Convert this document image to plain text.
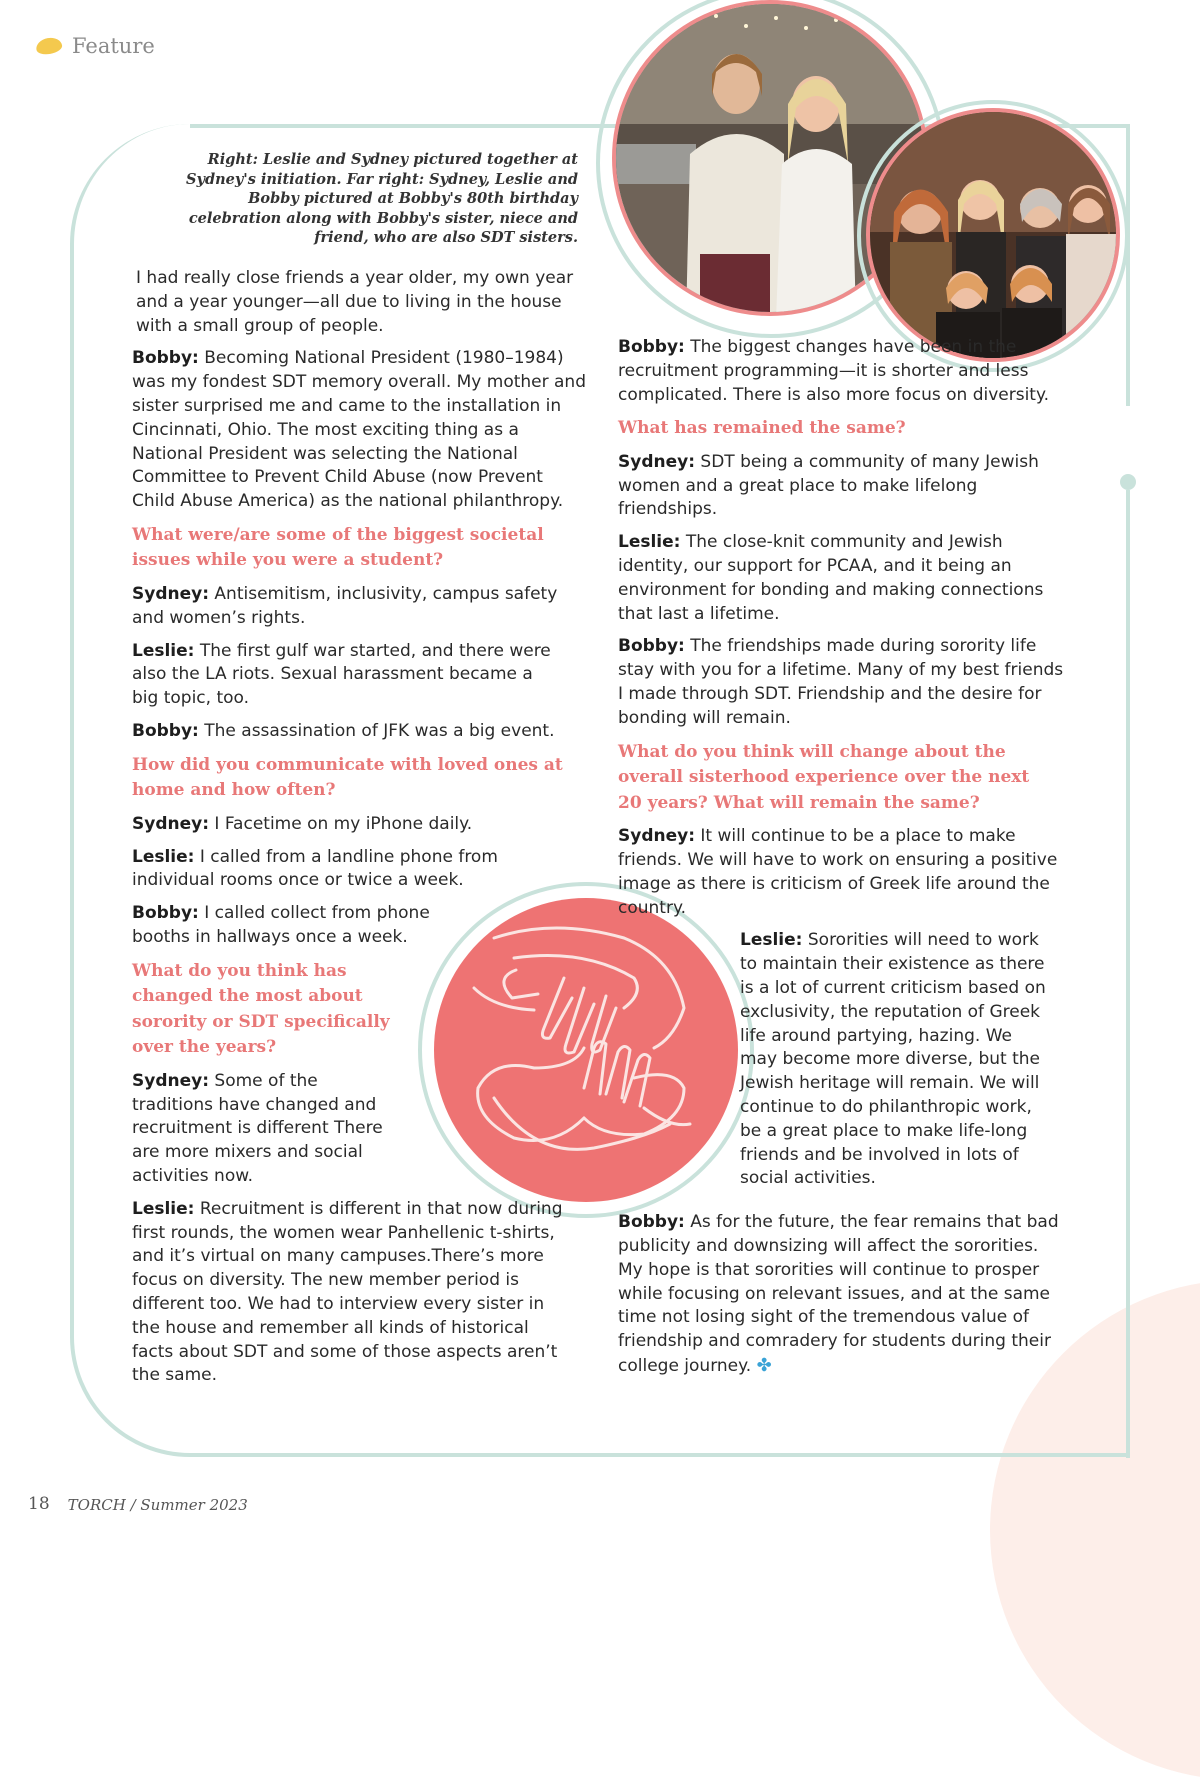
Feature
Right: Leslie and Sydney pictured together at Sydney's initiation. Far right: Sydney, Leslie and Bobby pictured at Bobby's 80th birthday celebration along with Bobby's sister, niece and friend, who are also SDT sisters.

I had really close friends a year older, my own year and a year younger—all due to living in the house with a small group of people.

Bobby: Becoming National President (1980–1984) was my fondest SDT memory overall. My mother and sister surprised me and came to the installation in Cincinnati, Ohio. The most exciting thing as a National President was selecting the National Committee to Prevent Child Abuse (now Prevent Child Abuse America) as the national philanthropy.

What were/are some of the biggest societal issues while you were a student?

Sydney: Antisemitism, inclusivity, campus safety and women’s rights.

Leslie: The first gulf war started, and there were also the LA riots. Sexual harassment became a big topic, too.

Bobby: The assassination of JFK was a big event.

How did you communicate with loved ones at home and how often?

Sydney: I Facetime on my iPhone daily.

Leslie: I called from a landline phone from individual rooms once or twice a week.

Bobby: I called collect from phone booths in hallways once a week.

What do you think has changed the most about sorority or SDT specifically over the years?

Sydney: Some of the traditions have changed and recruitment is different There are more mixers and social activities now.

Leslie: Recruitment is different in that now during first rounds, the women wear Panhellenic t-shirts, and it’s virtual on many campuses.There’s more focus on diversity. The new member period is different too. We had to interview every sister in the house and remember all kinds of historical facts about SDT and some of those aspects aren’t the same.

Bobby: The biggest changes have been in the recruitment programming—it is shorter and less complicated. There is also more focus on diversity.

What has remained the same?

Sydney: SDT being a community of many Jewish women and a great place to make lifelong friendships.

Leslie: The close-knit community and Jewish identity, our support for PCAA, and it being an environment for bonding and making connections that last a lifetime.

Bobby: The friendships made during sorority life stay with you for a lifetime. Many of my best friends I made through SDT. Friendship and the desire for bonding will remain.

What do you think will change about the overall sisterhood experience over the next 20 years? What will remain the same?

Sydney: It will continue to be a place to make friends. We will have to work on ensuring a positive image as there is criticism of Greek life around the country.

Leslie: Sororities will need to work to maintain their existence as there is a lot of current criticism based on exclusivity, the reputation of Greek life around partying, hazing. We may become more diverse, but the Jewish heritage will remain. We will continue to do philanthropic work, be a great place to make life-long friends and be involved in lots of social activities.

Bobby: As for the future, the fear remains that bad publicity and downsizing will affect the sororities. My hope is that sororities will continue to prosper while focusing on relevant issues, and at the same time not losing sight of the tremendous value of friendship and comradery for students during their college journey. ✤

18 TORCH / Summer 2023
